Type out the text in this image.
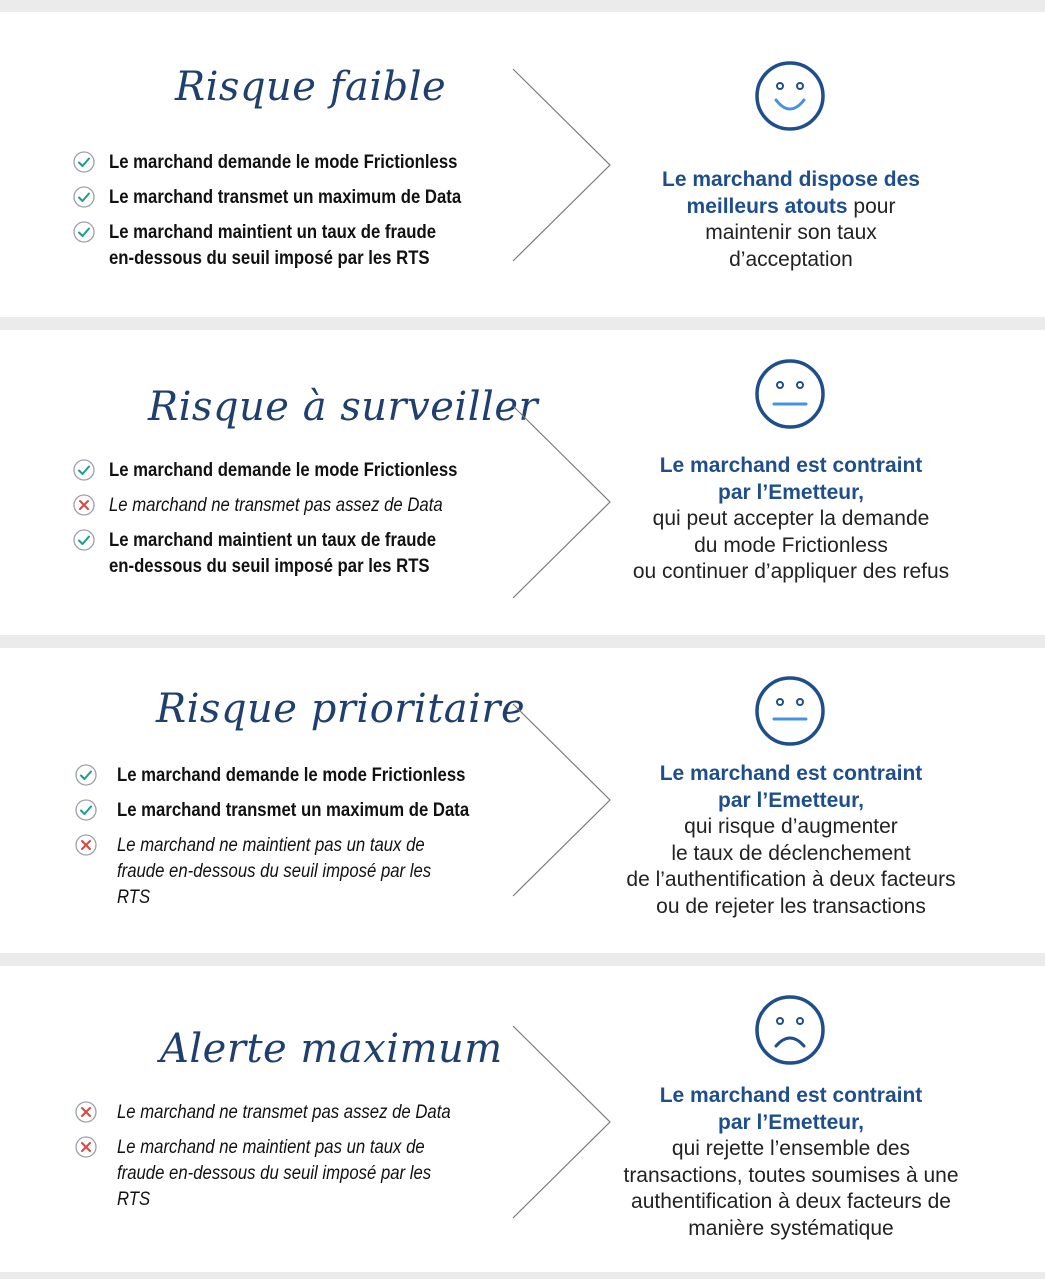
Risque faible
Le marchand demande le mode Frictionless
Le marchand transmet un maximum de Data
Le marchand maintient un taux de fraude
en-dessous du seuil imposé par les RTS
Le marchand dispose des
meilleurs atouts pour
maintenir son taux
d’acceptation
Risque à surveiller
Le marchand demande le mode Frictionless
Le marchand ne transmet pas assez de Data
Le marchand maintient un taux de fraude
en-dessous du seuil imposé par les RTS
Le marchand est contraint
par l’Emetteur,
qui peut accepter la demande
du mode Frictionless
ou continuer d’appliquer des refus
Risque prioritaire
Le marchand demande le mode Frictionless
Le marchand transmet un maximum de Data
Le marchand ne maintient pas un taux de
fraude en-dessous du seuil imposé par les
RTS
Le marchand est contraint
par l’Emetteur,
qui risque d’augmenter
le taux de déclenchement
de l’authentification à deux facteurs
ou de rejeter les transactions
Alerte maximum
Le marchand ne transmet pas assez de Data
Le marchand ne maintient pas un taux de
fraude en-dessous du seuil imposé par les
RTS
Le marchand est contraint
par l’Emetteur,
qui rejette l’ensemble des
transactions, toutes soumises à une
authentification à deux facteurs de
manière systématique
